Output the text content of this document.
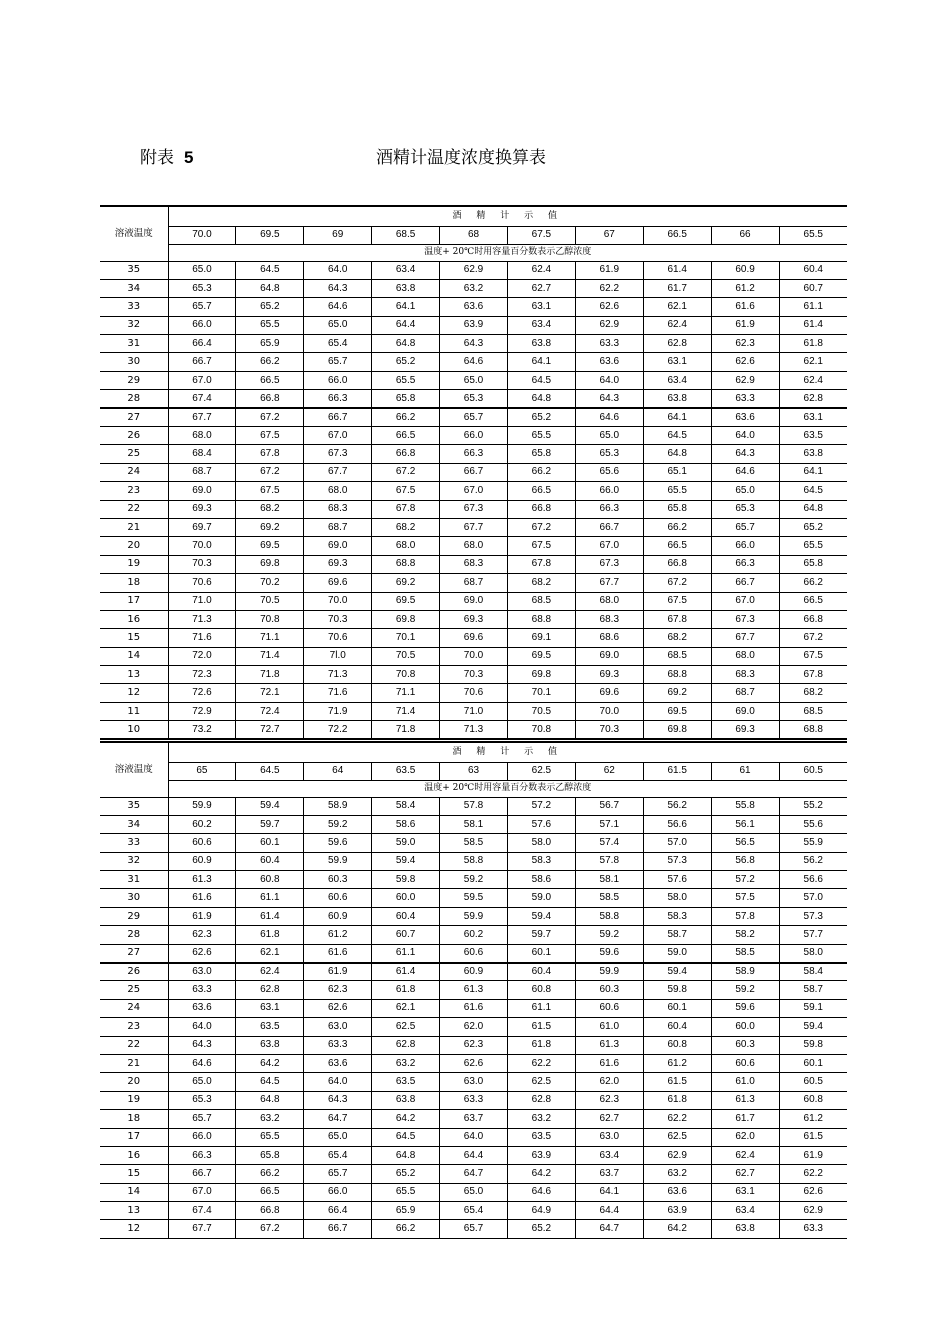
附表 5	酒精计温度浓度换算表
溶液温度	酒 精 计 示 值									
	70.0	69.5	69	68.5	68	67.5	67	66.5	66	65.5
	温度+ 20℃时用容量百分数表示乙醇浓度									
35	65.0	64.5	64.0	63.4	62.9	62.4	61.9	61.4	60.9	60.4
34	65.3	64.8	64.3	63.8	63.2	62.7	62.2	61.7	61.2	60.7
33	65.7	65.2	64.6	64.1	63.6	63.1	62.6	62.1	61.6	61.1
32	66.0	65.5	65.0	64.4	63.9	63.4	62.9	62.4	61.9	61.4
31	66.4	65.9	65.4	64.8	64.3	63.8	63.3	62.8	62.3	61.8
30	66.7	66.2	65.7	65.2	64.6	64.1	63.6	63.1	62.6	62.1
29	67.0	66.5	66.0	65.5	65.0	64.5	64.0	63.4	62.9	62.4
28	67.4	66.8	66.3	65.8	65.3	64.8	64.3	63.8	63.3	62.8
27	67.7	67.2	66.7	66.2	65.7	65.2	64.6	64.1	63.6	63.1
26	68.0	67.5	67.0	66.5	66.0	65.5	65.0	64.5	64.0	63.5
25	68.4	67.8	67.3	66.8	66.3	65.8	65.3	64.8	64.3	63.8
24	68.7	67.2	67.7	67.2	66.7	66.2	65.6	65.1	64.6	64.1
23	69.0	67.5	68.0	67.5	67.0	66.5	66.0	65.5	65.0	64.5
22	69.3	68.2	68.3	67.8	67.3	66.8	66.3	65.8	65.3	64.8
21	69.7	69.2	68.7	68.2	67.7	67.2	66.7	66.2	65.7	65.2
20	70.0	69.5	69.0	68.0	68.0	67.5	67.0	66.5	66.0	65.5
19	70.3	69.8	69.3	68.8	68.3	67.8	67.3	66.8	66.3	65.8
18	70.6	70.2	69.6	69.2	68.7	68.2	67.7	67.2	66.7	66.2
17	71.0	70.5	70.0	69.5	69.0	68.5	68.0	67.5	67.0	66.5
16	71.3	70.8	70.3	69.8	69.3	68.8	68.3	67.8	67.3	66.8
15	71.6	71.1	70.6	70.1	69.6	69.1	68.6	68.2	67.7	67.2
14	72.0	71.4	7l.0	70.5	70.0	69.5	69.0	68.5	68.0	67.5
13	72.3	71.8	71.3	70.8	70.3	69.8	69.3	68.8	68.3	67.8
12	72.6	72.1	71.6	71.1	70.6	70.1	69.6	69.2	68.7	68.2
11	72.9	72.4	71.9	71.4	71.0	70.5	70.0	69.5	69.0	68.5
10	73.2	72.7	72.2	71.8	71.3	70.8	70.3	69.8	69.3	68.8
溶液温度	酒 精 计 示 值									
	65	64.5	64	63.5	63	62.5	62	61.5	61	60.5
	温度+ 20℃时用容量百分数表示乙醇浓度									
35	59.9	59.4	58.9	58.4	57.8	57.2	56.7	56.2	55.8	55.2
34	60.2	59.7	59.2	58.6	58.1	57.6	57.1	56.6	56.1	55.6
33	60.6	60.1	59.6	59.0	58.5	58.0	57.4	57.0	56.5	55.9
32	60.9	60.4	59.9	59.4	58.8	58.3	57.8	57.3	56.8	56.2
31	61.3	60.8	60.3	59.8	59.2	58.6	58.1	57.6	57.2	56.6
30	61.6	61.1	60.6	60.0	59.5	59.0	58.5	58.0	57.5	57.0
29	61.9	61.4	60.9	60.4	59.9	59.4	58.8	58.3	57.8	57.3
28	62.3	61.8	61.2	60.7	60.2	59.7	59.2	58.7	58.2	57.7
27	62.6	62.1	61.6	61.1	60.6	60.1	59.6	59.0	58.5	58.0
26	63.0	62.4	61.9	61.4	60.9	60.4	59.9	59.4	58.9	58.4
25	63.3	62.8	62.3	61.8	61.3	60.8	60.3	59.8	59.2	58.7
24	63.6	63.1	62.6	62.1	61.6	61.1	60.6	60.1	59.6	59.1
23	64.0	63.5	63.0	62.5	62.0	61.5	61.0	60.4	60.0	59.4
22	64.3	63.8	63.3	62.8	62.3	61.8	61.3	60.8	60.3	59.8
21	64.6	64.2	63.6	63.2	62.6	62.2	61.6	61.2	60.6	60.1
20	65.0	64.5	64.0	63.5	63.0	62.5	62.0	61.5	61.0	60.5
19	65.3	64.8	64.3	63.8	63.3	62.8	62.3	61.8	61.3	60.8
18	65.7	63.2	64.7	64.2	63.7	63.2	62.7	62.2	61.7	61.2
17	66.0	65.5	65.0	64.5	64.0	63.5	63.0	62.5	62.0	61.5
16	66.3	65.8	65.4	64.8	64.4	63.9	63.4	62.9	62.4	61.9
15	66.7	66.2	65.7	65.2	64.7	64.2	63.7	63.2	62.7	62.2
14	67.0	66.5	66.0	65.5	65.0	64.6	64.1	63.6	63.1	62.6
13	67.4	66.8	66.4	65.9	65.4	64.9	64.4	63.9	63.4	62.9
12	67.7	67.2	66.7	66.2	65.7	65.2	64.7	64.2	63.8	63.3
